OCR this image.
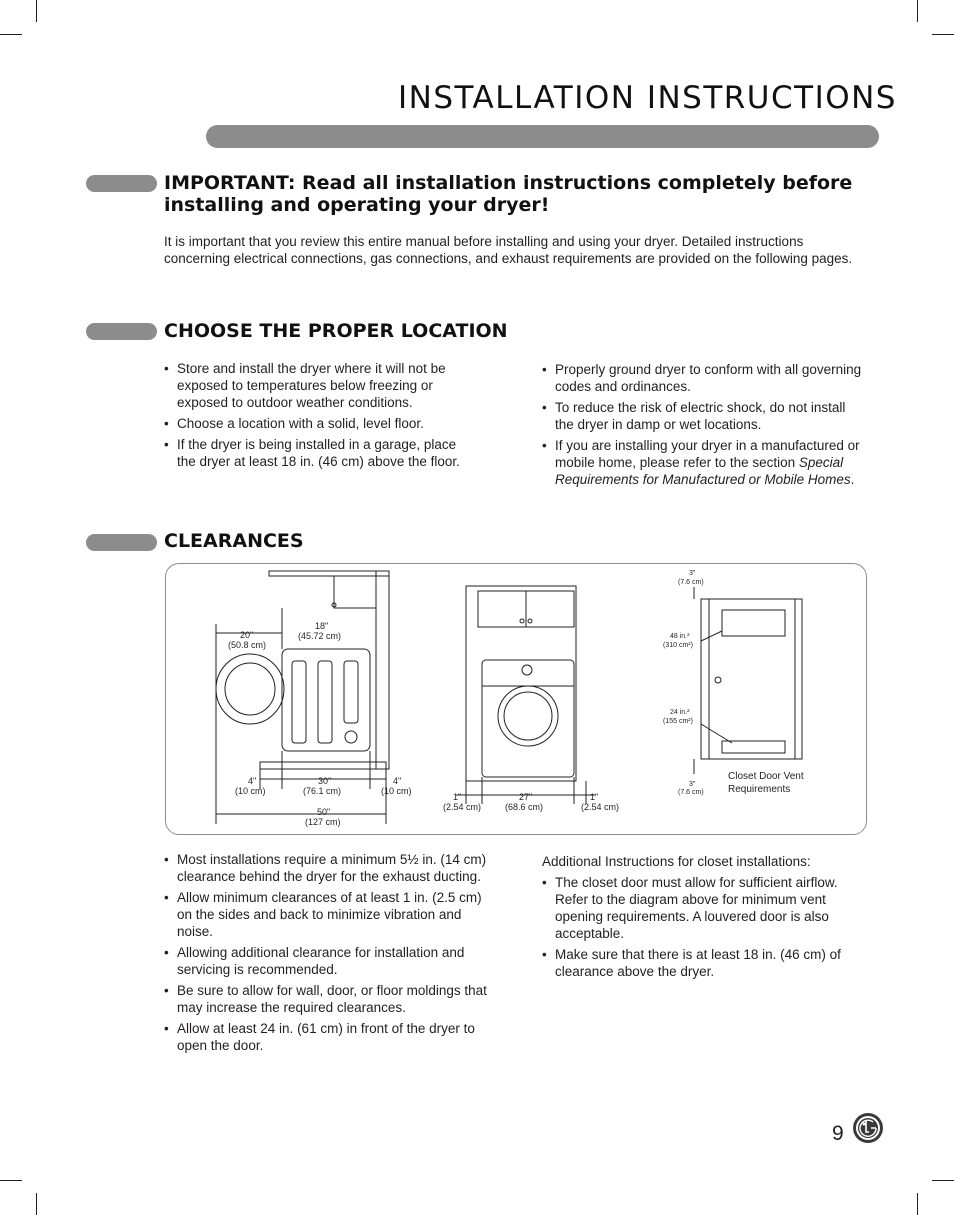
INSTALLATION INSTRUCTIONS
IMPORTANT: Read all installation instructions completely before
installing and operating your dryer!
It is important that you review this entire manual before installing and using your dryer. Detailed instructions concerning electrical connections, gas connections, and exhaust requirements are provided on the following pages.
CHOOSE THE PROPER LOCATION
• Store and install the dryer where it will not be exposed to temperatures below freezing or exposed to outdoor weather conditions.
• Choose a location with a solid, level floor.
• If the dryer is being installed in a garage, place the dryer at least 18 in. (46 cm) above the floor.
• Properly ground dryer to conform with all governing codes and ordinances.
• To reduce the risk of electric shock, do not install the dryer in damp or wet locations.
• If you are installing your dryer in a manufactured or mobile home, please refer to the section Special Requirements for Manufactured or Mobile Homes.
CLEARANCES
18"
(45.72 cm)
20"
(50.8 cm)
4"
(10 cm)
30"
(76.1 cm)
4"
(10 cm)
50"
(127 cm)
1"
(2.54 cm)
27"
(68.6 cm)
1"
(2.54 cm)
3"
(7.6 cm)
48 in.²
(310 cm²)
24 in.²
(155 cm²)
3"
(7.6 cm)
Closet Door Vent
Requirements
• Most installations require a minimum 5½ in. (14 cm) clearance behind the dryer for the exhaust ducting.
• Allow minimum clearances of at least 1 in. (2.5 cm) on the sides and back to minimize vibration and noise.
• Allowing additional clearance for installation and servicing is recommended.
• Be sure to allow for wall, door, or floor moldings that may increase the required clearances.
• Allow at least 24 in. (61 cm) in front of the dryer to open the door.
Additional Instructions for closet installations:
• The closet door must allow for sufficient airflow. Refer to the diagram above for minimum vent opening requirements. A louvered door is also acceptable.
• Make sure that there is at least 18 in. (46 cm) of clearance above the dryer.
9
